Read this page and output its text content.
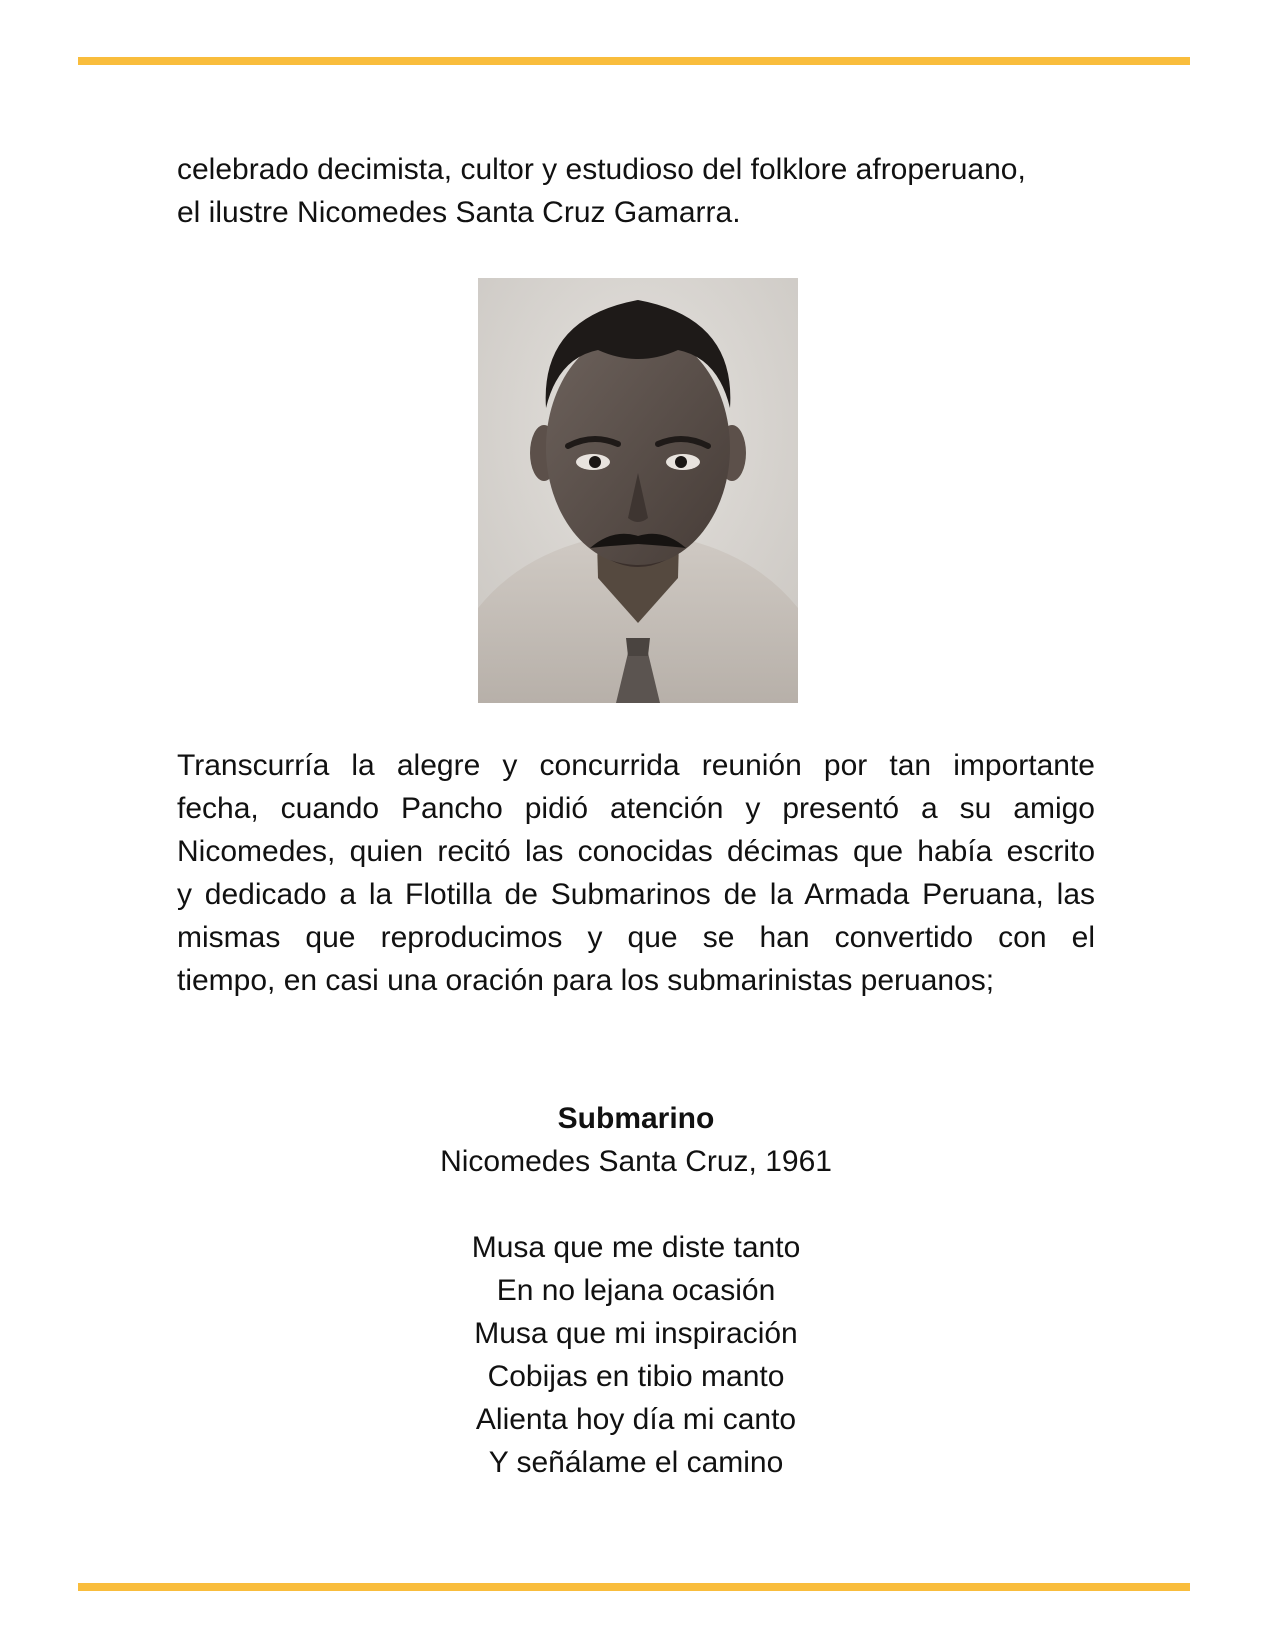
celebrado decimista, cultor y estudioso del folklore afroperuano,
el ilustre Nicomedes Santa Cruz Gamarra.

Transcurría la alegre y concurrida reunión por tan importante
fecha, cuando Pancho pidió atención y presentó a su amigo
Nicomedes, quien recitó las conocidas décimas que había escrito
y dedicado a la Flotilla de Submarinos de la Armada Peruana, las
mismas que reproducimos y que se han convertido con el
tiempo, en casi una oración para los submarinistas peruanos;

Submarino
Nicomedes Santa Cruz, 1961
Musa que me diste tanto
En no lejana ocasión
Musa que mi inspiración
Cobijas en tibio manto
Alienta hoy día mi canto
Y señálame el camino
